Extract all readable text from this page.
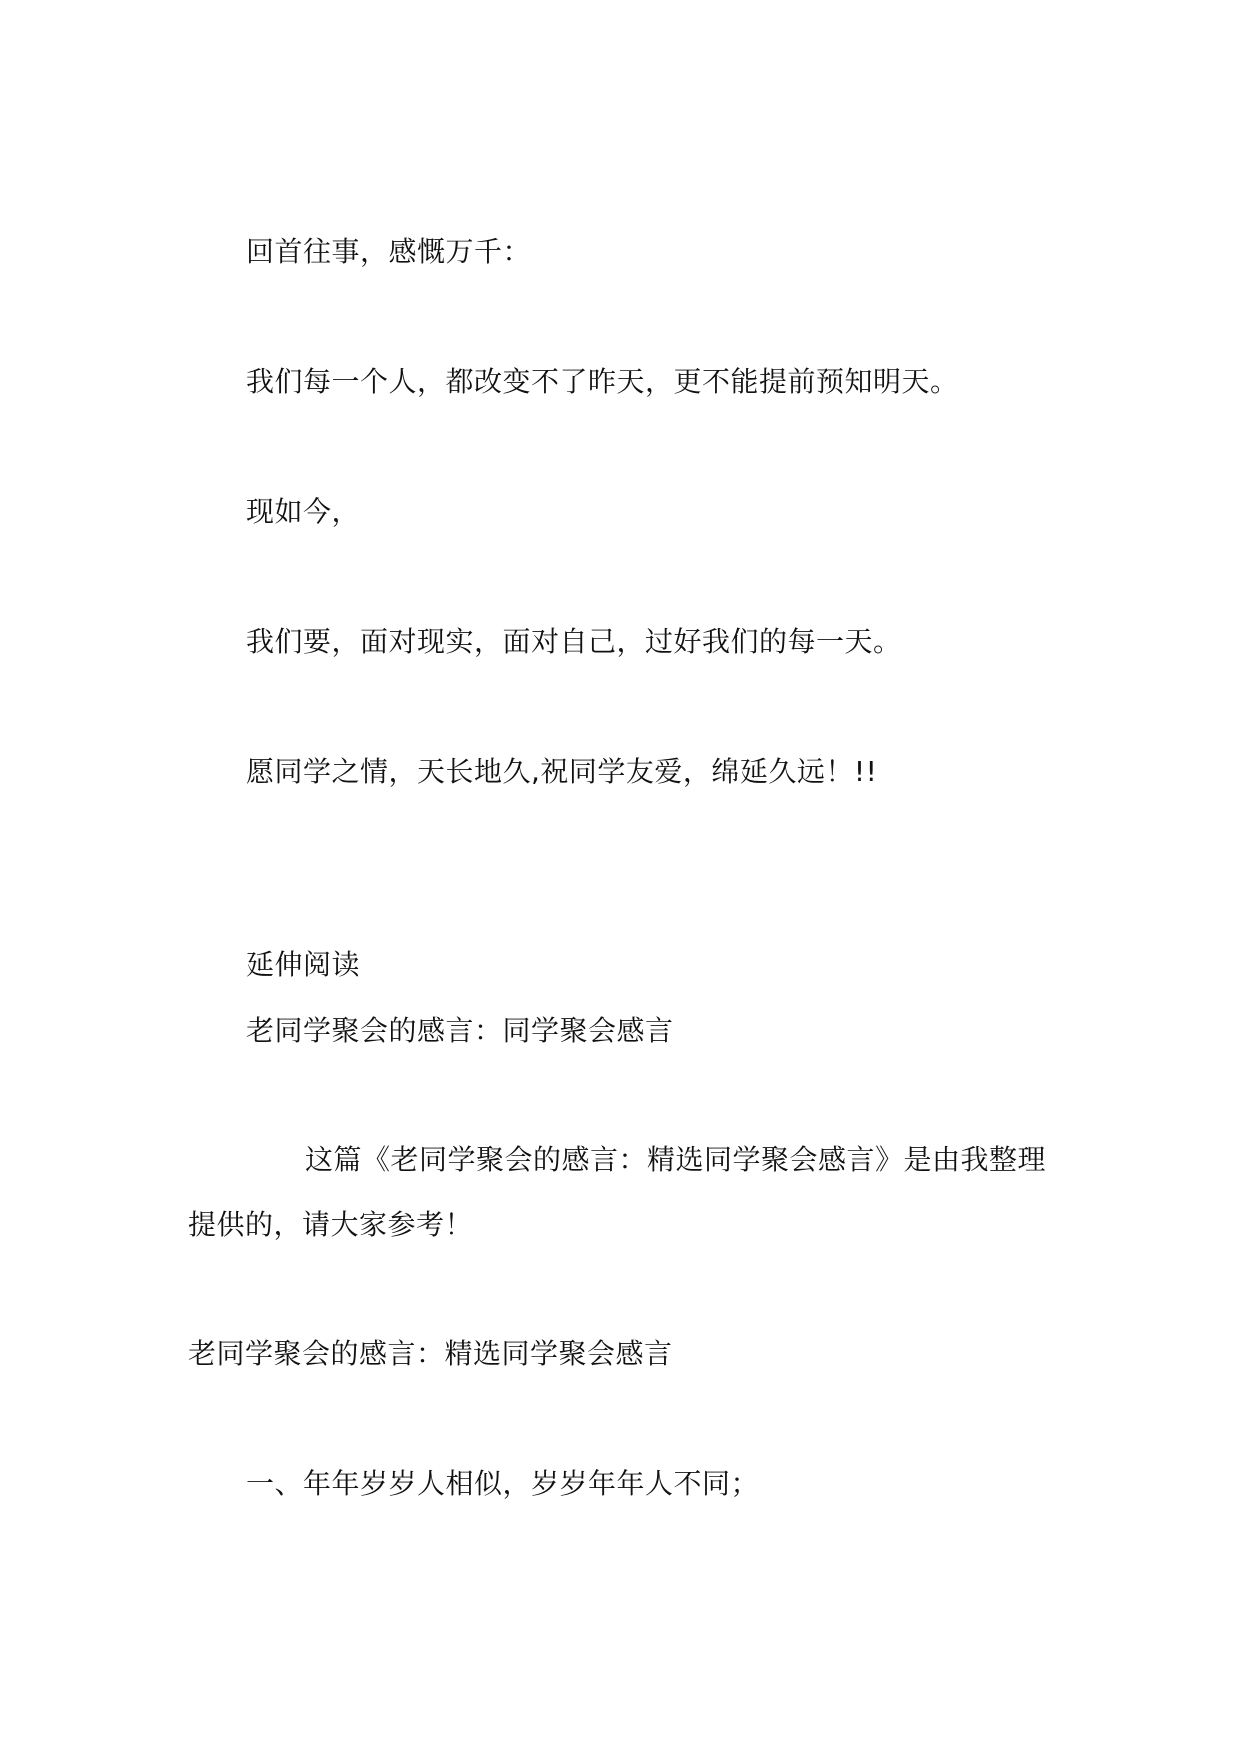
回首往事，感慨万千：
我们每一个人，都改变不了昨天，更不能提前预知明天。
现如今，
我们要，面对现实，面对自己，过好我们的每一天。
愿同学之情，天长地久,祝同学友爱，绵延久远！!!
延伸阅读
老同学聚会的感言：同学聚会感言
这篇《老同学聚会的感言：精选同学聚会感言》是由我整理
提供的，请大家参考！
老同学聚会的感言：精选同学聚会感言
一、年年岁岁人相似，岁岁年年人不同；
